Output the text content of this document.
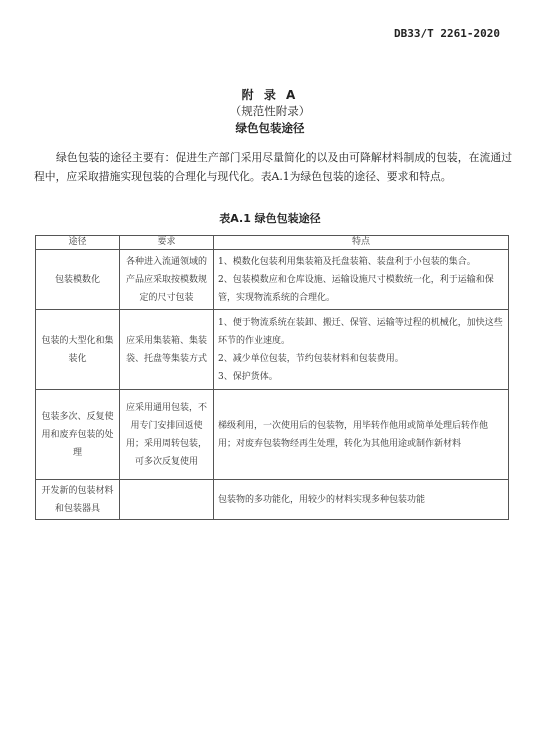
DB33/T 2261-2020
附 录 A
（规范性附录）
绿色包装途径
绿色包装的途径主要有：促进生产部门采用尽量简化的以及由可降解材料制成的包装，在流通过程中，应采取措施实现包装的合理化与现代化。表A.1为绿色包装的途径、要求和特点。
表A.1 绿色包装途径
途径	要求	特点
包装模数化	各种进入流通领域的产品应采取按模数规定的尺寸包装	1、模数化包装利用集装箱及托盘装箱、装盘利于小包装的集合。
2、包装模数应和仓库设施、运输设施尺寸模数统一化，利于运输和保管，实现物流系统的合理化。

包装的大型化和集装化	应采用集装箱、集装袋、托盘等集装方式	1、便于物流系统在装卸、搬迁、保管、运输等过程的机械化，加快这些环节的作业速度。
2、减少单位包装，节约包装材料和包装费用。
3、保护货体。

包装多次、反复使用和废弃包装的处理	应采用通用包装，不用专门安排回返使用；采用周转包装，可多次反复使用	梯级利用，一次使用后的包装物，用毕转作他用或简单处理后转作他用；对废弃包装物经再生处理，转化为其他用途或制作新材料

开发新的包装材料和包装器具		包装物的多功能化，用较少的材料实现多种包装功能
